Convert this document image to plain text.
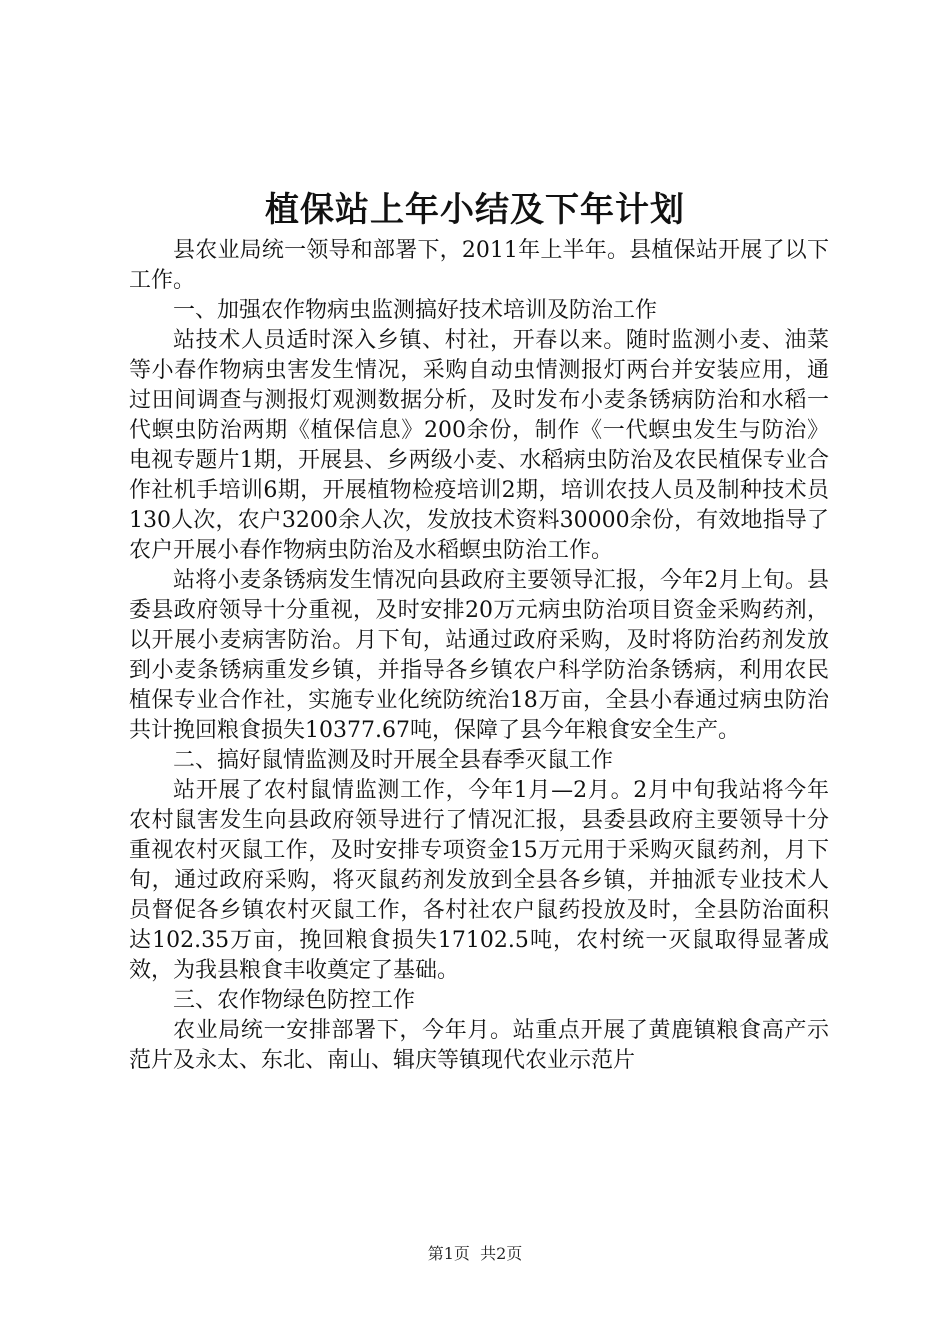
植保站上年小结及下年计划

县农业局统一领导和部署下，2011年上半年。县植保站开展了以下工作。

一、加强农作物病虫监测搞好技术培训及防治工作

站技术人员适时深入乡镇、村社，开春以来。随时监测小麦、油菜等小春作物病虫害发生情况，采购自动虫情测报灯两台并安装应用，通过田间调查与测报灯观测数据分析，及时发布小麦条锈病防治和水稻一代螟虫防治两期《植保信息》200余份，制作《一代螟虫发生与防治》电视专题片1期，开展县、乡两级小麦、水稻病虫防治及农民植保专业合作社机手培训6期，开展植物检疫培训2期，培训农技人员及制种技术员130人次，农户3200余人次，发放技术资料30000余份，有效地指导了农户开展小春作物病虫防治及水稻螟虫防治工作。

站将小麦条锈病发生情况向县政府主要领导汇报，今年2月上旬。县委县政府领导十分重视，及时安排20万元病虫防治项目资金采购药剂，以开展小麦病害防治。月下旬，站通过政府采购，及时将防治药剂发放到小麦条锈病重发乡镇，并指导各乡镇农户科学防治条锈病，利用农民植保专业合作社，实施专业化统防统治18万亩，全县小春通过病虫防治共计挽回粮食损失10377.67吨，保障了县今年粮食安全生产。

二、搞好鼠情监测及时开展全县春季灭鼠工作

站开展了农村鼠情监测工作，今年1月—2月。2月中旬我站将今年农村鼠害发生向县政府领导进行了情况汇报，县委县政府主要领导十分重视农村灭鼠工作，及时安排专项资金15万元用于采购灭鼠药剂，月下旬，通过政府采购，将灭鼠药剂发放到全县各乡镇，并抽派专业技术人员督促各乡镇农村灭鼠工作，各村社农户鼠药投放及时，全县防治面积达102.35万亩，挽回粮食损失17102.5吨，农村统一灭鼠取得显著成效，为我县粮食丰收奠定了基础。

三、农作物绿色防控工作

农业局统一安排部署下，今年月。站重点开展了黄鹿镇粮食高产示范片及永太、东北、南山、辑庆等镇现代农业示范片

第1页 共2页
